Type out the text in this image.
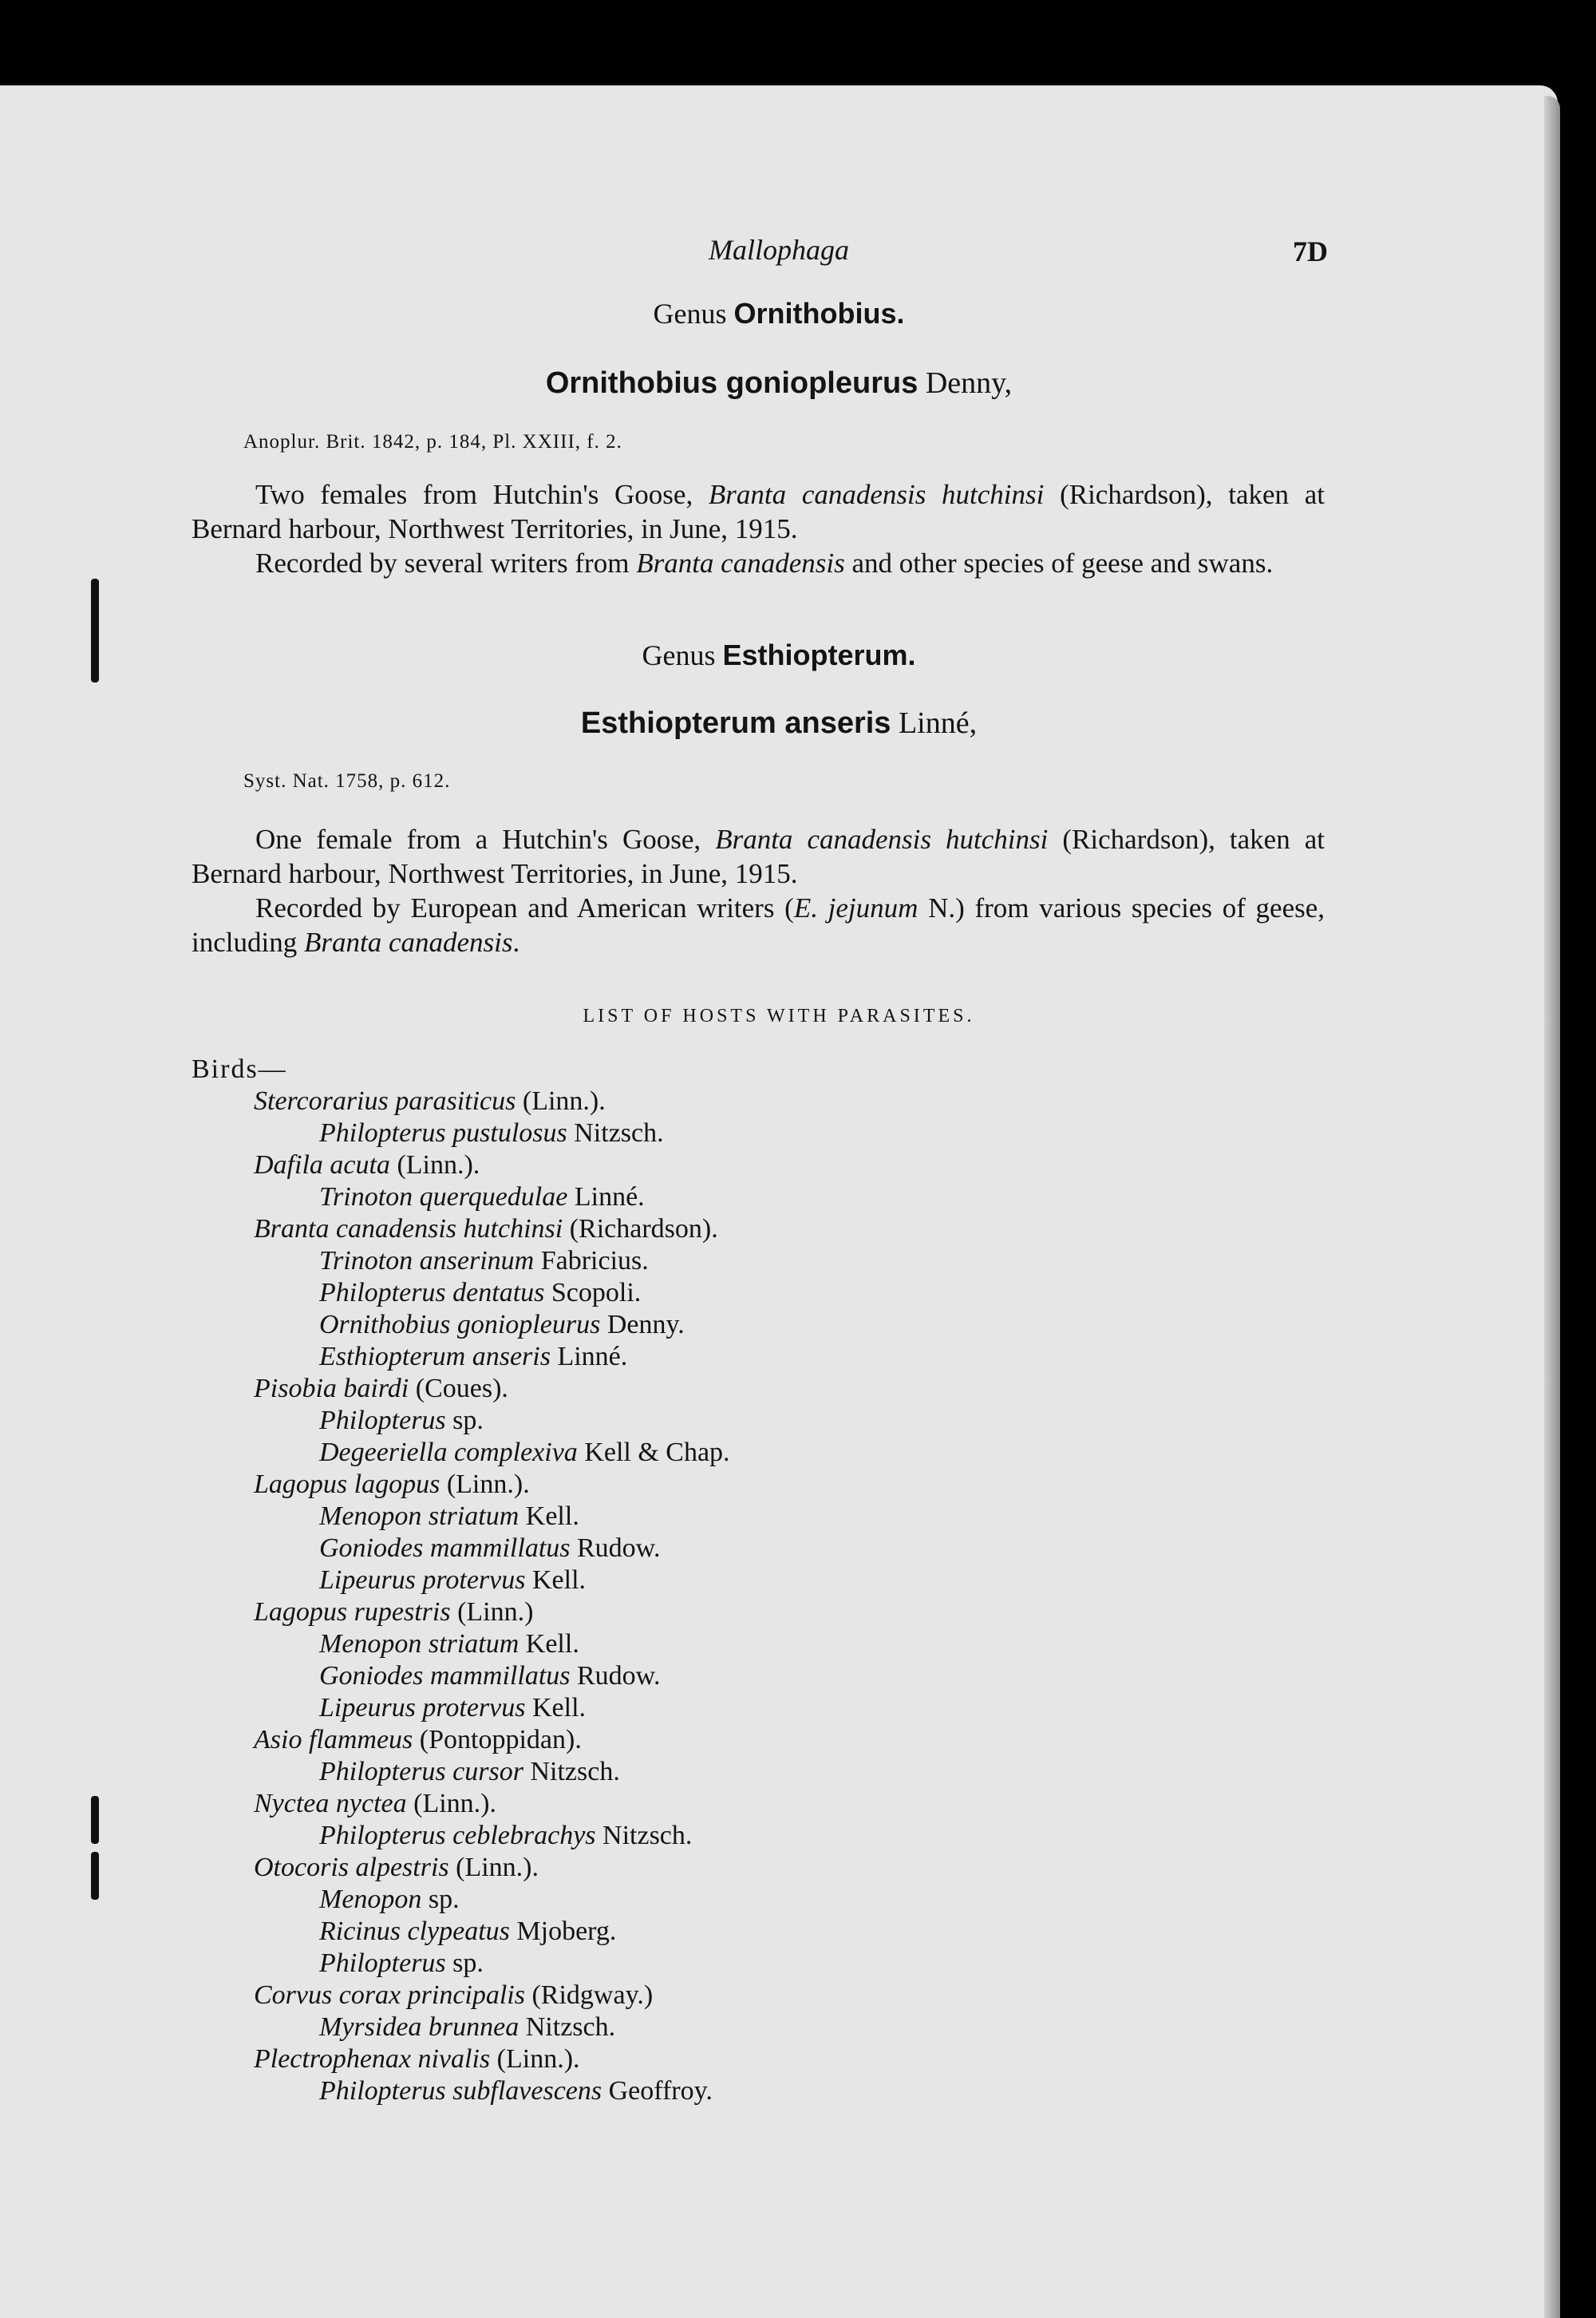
Mallophaga	7D
Genus Ornithobius.
Ornithobius goniopleurus Denny,
Anoplur. Brit. 1842, p. 184, Pl. XXIII, f. 2.

Two females from Hutchin's Goose, Branta canadensis hutchinsi (Richardson), taken at Bernard harbour, Northwest Territories, in June, 1915.

Recorded by several writers from Branta canadensis and other species of geese and swans.

Genus Esthiopterum.
Esthiopterum anseris Linné,
Syst. Nat. 1758, p. 612.

One female from a Hutchin's Goose, Branta canadensis hutchinsi (Richardson), taken at Bernard harbour, Northwest Territories, in June, 1915.

Recorded by European and American writers (E. jejunum N.) from various species of geese, including Branta canadensis.

LIST OF HOSTS WITH PARASITES.
Birds—
Stercorarius parasiticus (Linn.).
Philopterus pustulosus Nitzsch.
Dafila acuta (Linn.).
Trinoton querquedulae Linné.
Branta canadensis hutchinsi (Richardson).
Trinoton anserinum Fabricius.
Philopterus dentatus Scopoli.
Ornithobius goniopleurus Denny.
Esthiopterum anseris Linné.
Pisobia bairdi (Coues).
Philopterus sp.
Degeeriella complexiva Kell & Chap.
Lagopus lagopus (Linn.).
Menopon striatum Kell.
Goniodes mammillatus Rudow.
Lipeurus protervus Kell.
Lagopus rupestris (Linn.)
Menopon striatum Kell.
Goniodes mammillatus Rudow.
Lipeurus protervus Kell.
Asio flammeus (Pontoppidan).
Philopterus cursor Nitzsch.
Nyctea nyctea (Linn.).
Philopterus ceblebrachys Nitzsch.
Otocoris alpestris (Linn.).
Menopon sp.
Ricinus clypeatus Mjoberg.
Philopterus sp.
Corvus corax principalis (Ridgway.)
Myrsidea brunnea Nitzsch.
Plectrophenax nivalis (Linn.).
Philopterus subflavescens Geoffroy.
